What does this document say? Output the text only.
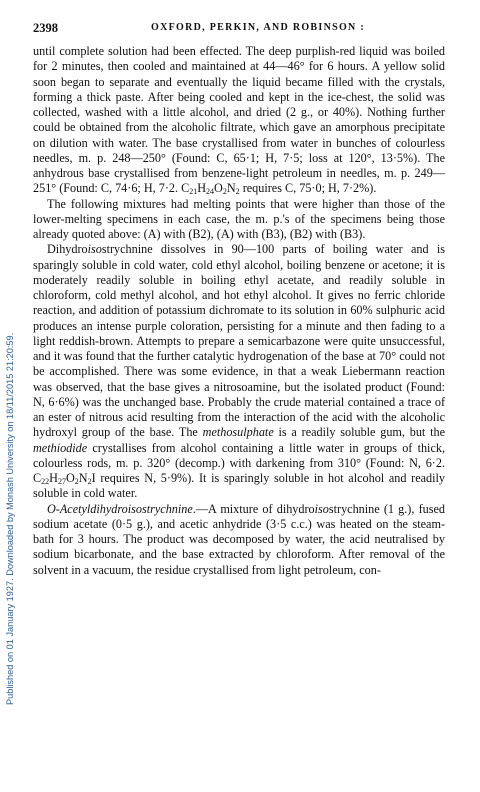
Published on 01 January 1927. Downloaded by Monash University on 18/11/2015 21:20:59.
2398	OXFORD, PERKIN, AND ROBINSON :

until complete solution had been effected. The deep purplish-red liquid was boiled for 2 minutes, then cooled and maintained at 44—46° for 6 hours. A yellow solid soon began to separate and eventually the liquid became filled with the crystals, forming a thick paste. After being cooled and kept in the ice-chest, the solid was collected, washed with a little alcohol, and dried (2 g., or 40%). Nothing further could be obtained from the alcoholic filtrate, which gave an amorphous precipitate on dilution with water. The base crystallised from water in bunches of colourless needles, m. p. 248—250° (Found: C, 65·1; H, 7·5; loss at 120°, 13·5%). The anhydrous base crystallised from benzene-light petroleum in needles, m. p. 249—251° (Found: C, 74·6; H, 7·2. $C_{21}H_{24}O_2N_2$ requires C, 75·0; H, 7·2%).

The following mixtures had melting points that were higher than those of the lower-melting specimens in each case, the m. p.'s of the specimens being those already quoted above: (A) with (B2), (A) with (B3), (B2) with (B3).

Dihydroisostrychnine dissolves in 90—100 parts of boiling water and is sparingly soluble in cold water, cold ethyl alcohol, boiling benzene or acetone; it is moderately readily soluble in boiling ethyl acetate, and readily soluble in chloroform, cold methyl alcohol, and hot ethyl alcohol. It gives no ferric chloride reaction, and addition of potassium dichromate to its solution in 60% sulphuric acid produces an intense purple coloration, persisting for a minute and then fading to a light reddish-brown. Attempts to prepare a semicarbazone were quite unsuccessful, and it was found that the further catalytic hydrogenation of the base at 70° could not be accomplished. There was some evidence, in that a weak Liebermann reaction was observed, that the base gives a nitrosoamine, but the isolated product (Found: N, 6·6%) was the unchanged base. Probably the crude material contained a trace of an ester of nitrous acid resulting from the interaction of the acid with the alcoholic hydroxyl group of the base. The methosulphate is a readily soluble gum, but the methiodide crystallises from alcohol containing a little water in groups of thick, colourless rods, m. p. 320° (decomp.) with darkening from 310° (Found: N, 6·2. $C_{22}H_{27}O_2N_2I$ requires N, 5·9%). It is sparingly soluble in hot alcohol and readily soluble in cold water.

O-Acetyldihydroisostrychnine.—A mixture of dihydroisostrychnine (1 g.), fused sodium acetate (0·5 g.), and acetic anhydride (3·5 c.c.) was heated on the steam-bath for 3 hours. The product was decomposed by water, the acid neutralised by sodium bicarbonate, and the base extracted by chloroform. After removal of the solvent in a vacuum, the residue crystallised from light petroleum, con-
